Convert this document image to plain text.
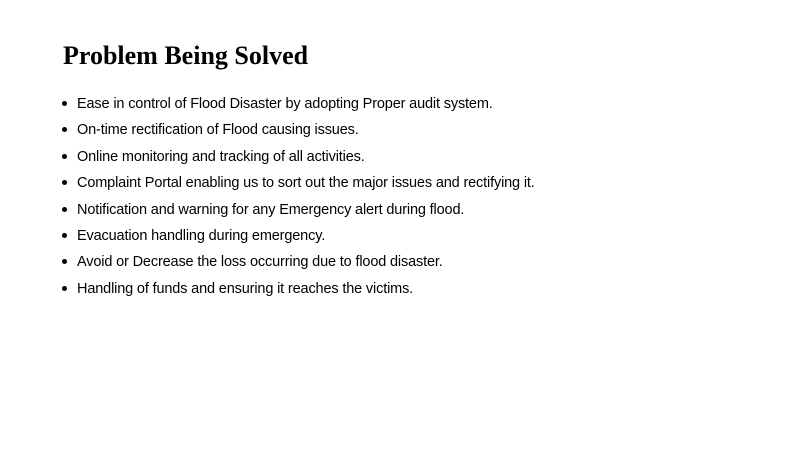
Problem Being Solved
Ease in control of Flood Disaster by adopting Proper audit system.
On-time rectification of Flood causing issues.
Online monitoring and tracking of all activities.
Complaint Portal enabling us to sort out the major issues and rectifying it.
Notification and warning for any Emergency alert during flood.
Evacuation handling during emergency.
Avoid or Decrease the loss occurring due to flood disaster.
Handling of funds and ensuring it reaches the victims.
